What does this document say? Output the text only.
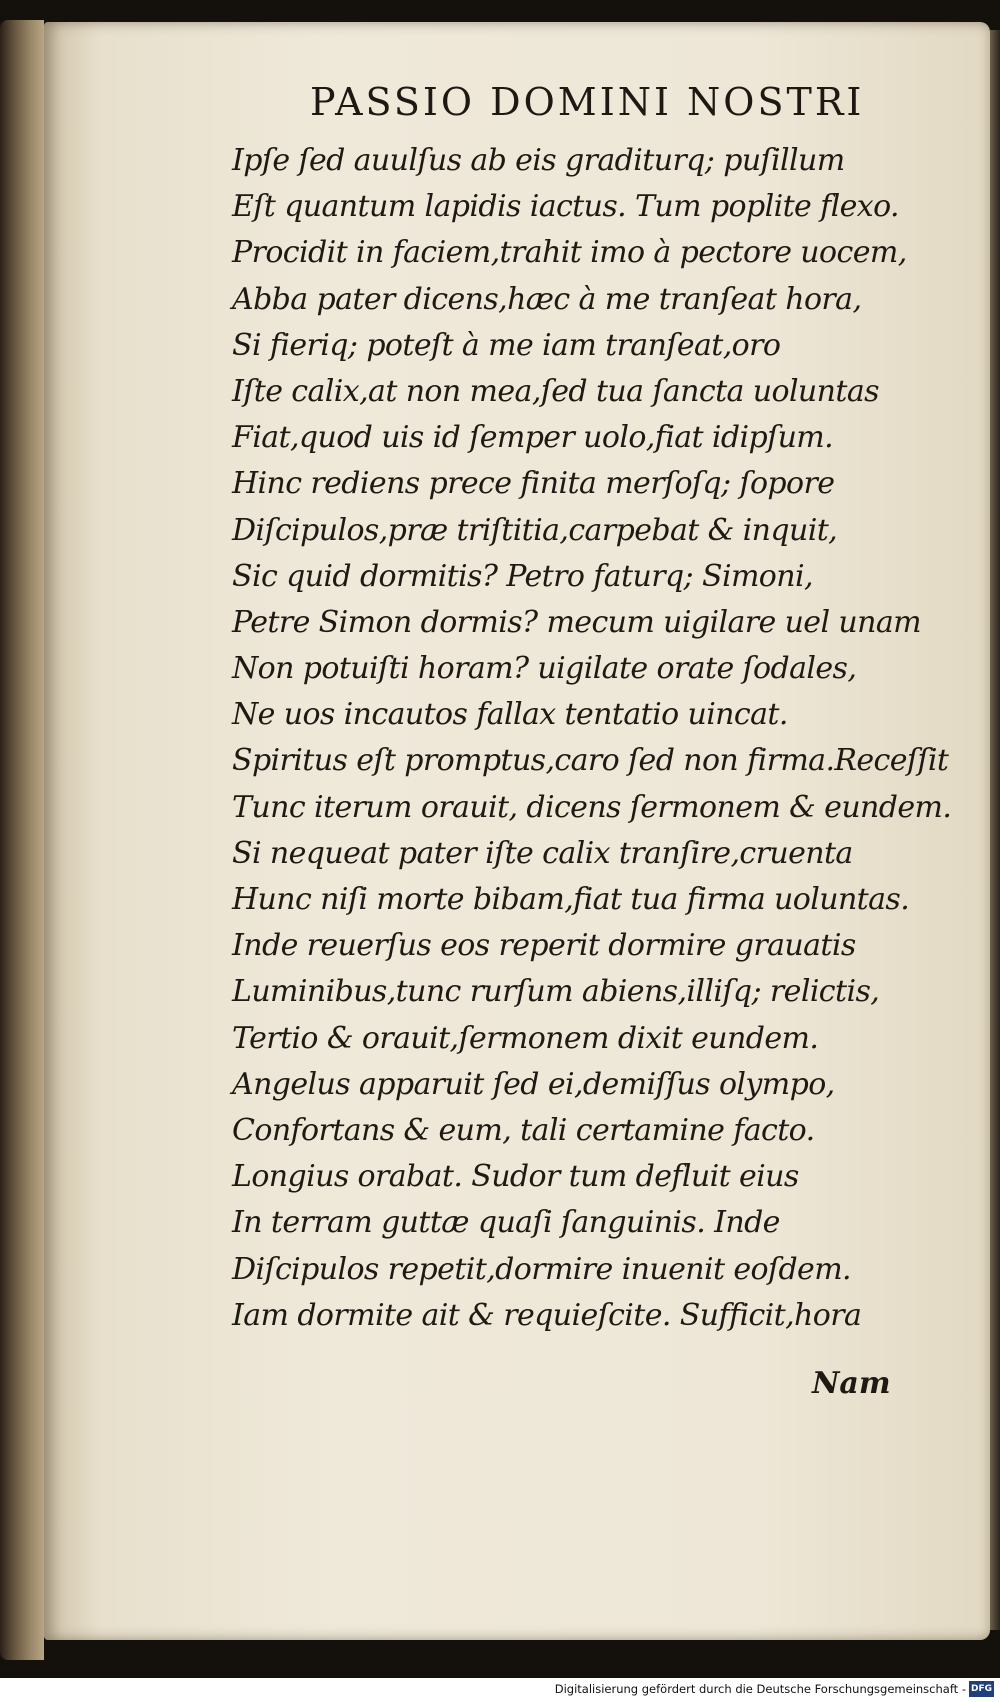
PASSIO DOMINI NOSTRI
Ipſe ſed auulſus ab eis graditurq; puſillum
Eſt quantum lapidis iactus. Tum poplite flexo.
Procidit in faciem,trahit imo à pectore uocem,
Abba pater dicens,hæc à me tranſeat hora,
Si fieriq; poteſt à me iam tranſeat,oro
Iſte calix,at non mea,ſed tua ſancta uoluntas
Fiat,quod uis id ſemper uolo,fiat idipſum.
Hinc rediens prece finita merſoſq; ſopore
Diſcipulos,præ triſtitia,carpebat & inquit,
Sic quid dormitis? Petro faturq; Simoni,
Petre Simon dormis? mecum uigilare uel unam
Non potuiſti horam? uigilate orate ſodales,
Ne uos incautos fallax tentatio uincat.
Spiritus eſt promptus,caro ſed non firma.Receſſit
Tunc iterum orauit, dicens ſermonem & eundem.
Si nequeat pater iſte calix tranſire,cruenta
Hunc niſi morte bibam,fiat tua firma uoluntas.
Inde reuerſus eos reperit dormire grauatis
Luminibus,tunc rurſum abiens,illiſq; relictis,
Tertio & orauit,ſermonem dixit eundem.
Angelus apparuit ſed ei,demiſſus olympo,
Confortans & eum, tali certamine facto.
Longius orabat. Sudor tum defluit eius
In terram guttæ quaſi ſanguinis. Inde
Diſcipulos repetit,dormire inuenit eoſdem.
Iam dormite ait & requieſcite. Sufficit,hora
Nam
Digitalisierung gefördert durch die Deutsche Forschungsgemeinschaft - DFG
